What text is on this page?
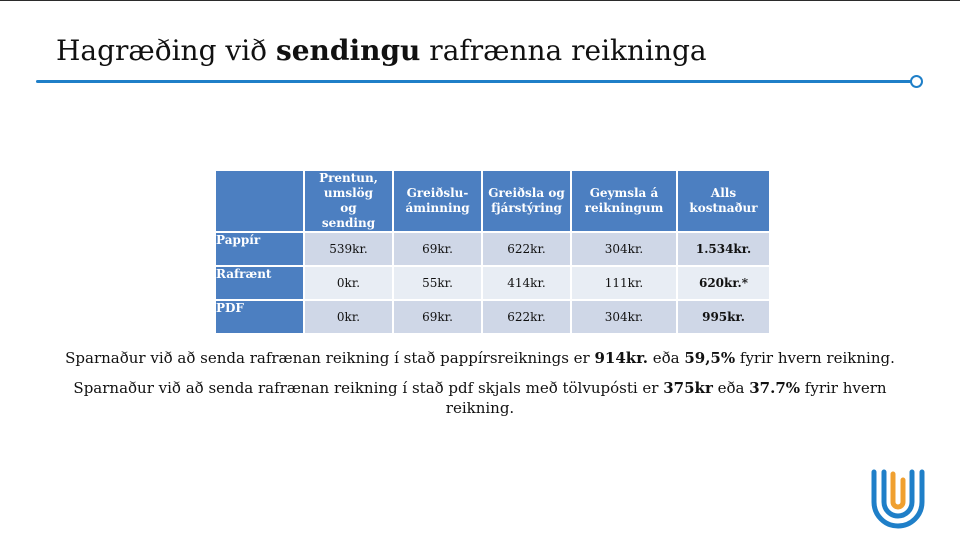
Hagræðing við sendingu rafrænna reikninga

	Prentun, umslög og sending	Greiðslu-áminning	Greiðsla og fjárstýring	Geymsla á reikningum	Alls kostnaður

Pappír	539kr.	69kr.	622kr.	304kr.	1.534kr.
Rafrænt	0kr.	55kr.	414kr.	111kr.	620kr.*
PDF	0kr.	69kr.	622kr.	304kr.	995kr.
Sparnaður við að senda rafrænan reikning í stað pappírsreiknings er 914kr. eða 59,5% fyrir hvern reikning.
Sparnaður við að senda rafrænan reikning í stað pdf skjals með tölvupósti er 375kr eða 37.7% fyrir hvern reikning.
